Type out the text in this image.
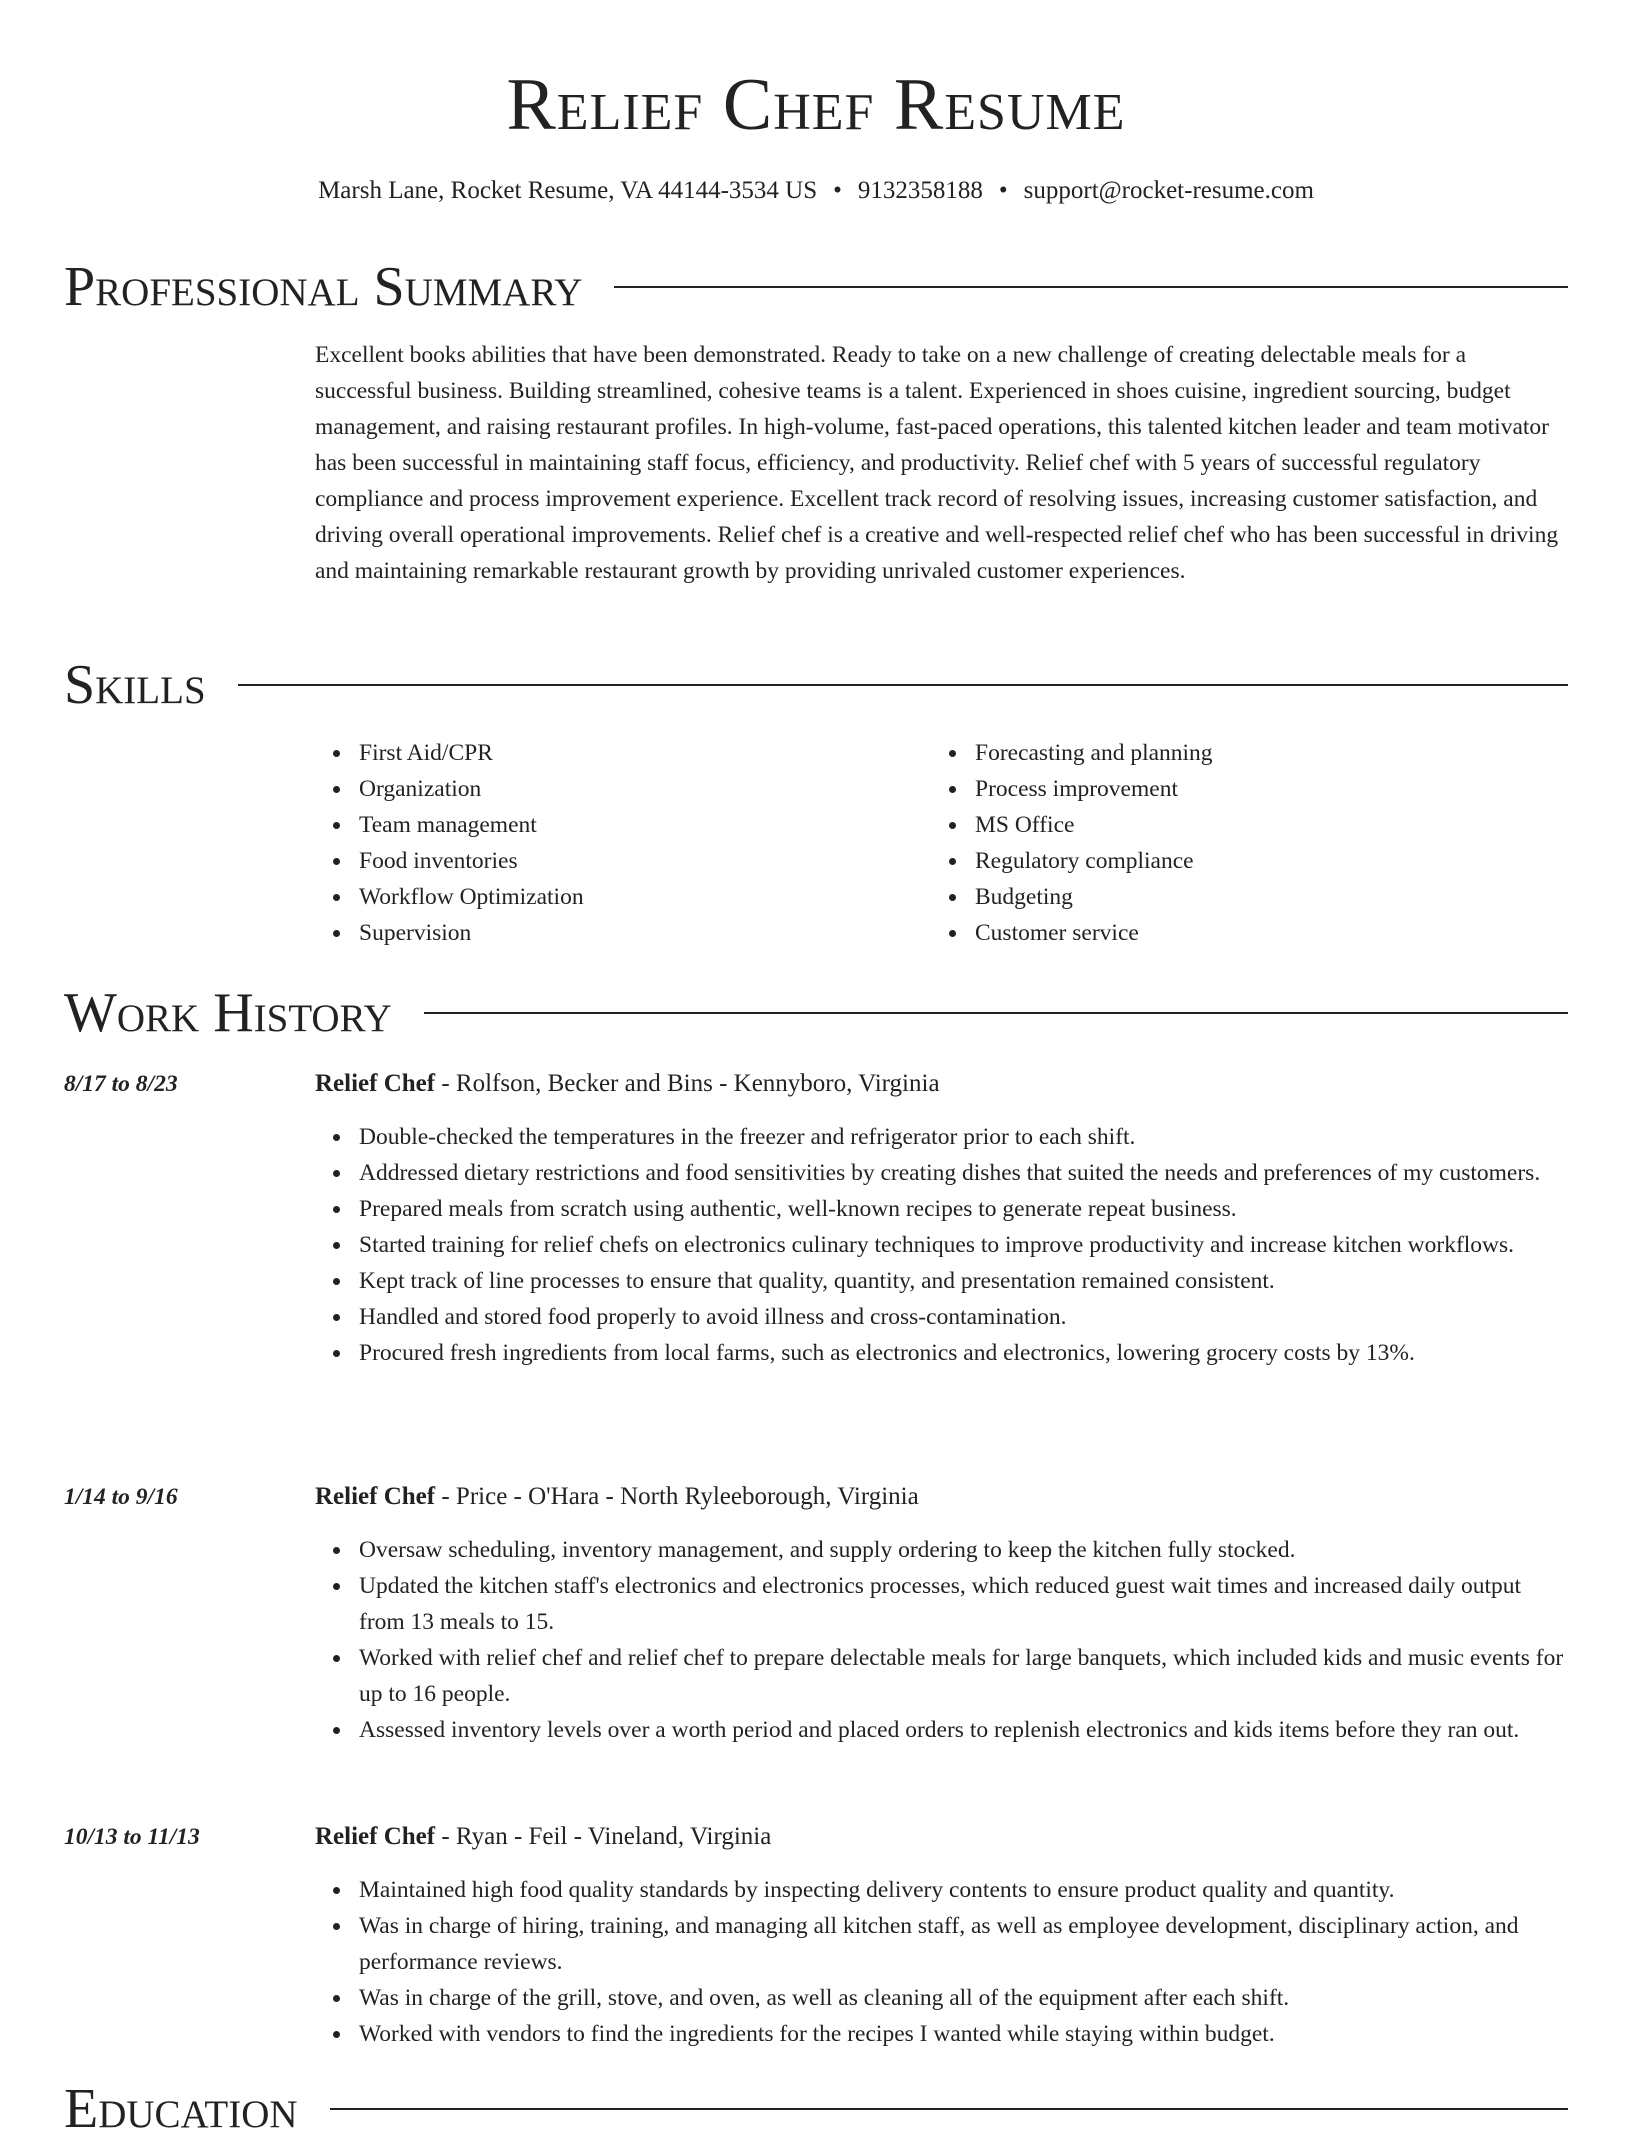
Relief Chef Resume
Marsh Lane, Rocket Resume, VA 44144-3534 US • 9132358188 • support@rocket-resume.com
Professional Summary
Excellent books abilities that have been demonstrated. Ready to take on a new challenge of creating delectable meals for a successful business. Building streamlined, cohesive teams is a talent. Experienced in shoes cuisine, ingredient sourcing, budget management, and raising restaurant profiles. In high-volume, fast-paced operations, this talented kitchen leader and team motivator has been successful in maintaining staff focus, efficiency, and productivity. Relief chef with 5 years of successful regulatory compliance and process improvement experience. Excellent track record of resolving issues, increasing customer satisfaction, and driving overall operational improvements. Relief chef is a creative and well-respected relief chef who has been successful in driving and maintaining remarkable restaurant growth by providing unrivaled customer experiences.
Skills
First Aid/CPR
Organization
Team management
Food inventories
Workflow Optimization
Supervision
Forecasting and planning
Process improvement
MS Office
Regulatory compliance
Budgeting
Customer service
Work History
8/17 to 8/23	Relief Chef - Rolfson, Becker and Bins - Kennyboro, Virginia
Double-checked the temperatures in the freezer and refrigerator prior to each shift.
Addressed dietary restrictions and food sensitivities by creating dishes that suited the needs and preferences of my customers.
Prepared meals from scratch using authentic, well-known recipes to generate repeat business.
Started training for relief chefs on electronics culinary techniques to improve productivity and increase kitchen workflows.
Kept track of line processes to ensure that quality, quantity, and presentation remained consistent.
Handled and stored food properly to avoid illness and cross-contamination.
Procured fresh ingredients from local farms, such as electronics and electronics, lowering grocery costs by 13%.
1/14 to 9/16	Relief Chef - Price - O'Hara - North Ryleeborough, Virginia
Oversaw scheduling, inventory management, and supply ordering to keep the kitchen fully stocked.
Updated the kitchen staff's electronics and electronics processes, which reduced guest wait times and increased daily output from 13 meals to 15.
Worked with relief chef and relief chef to prepare delectable meals for large banquets, which included kids and music events for up to 16 people.
Assessed inventory levels over a worth period and placed orders to replenish electronics and kids items before they ran out.
10/13 to 11/13	Relief Chef - Ryan - Feil - Vineland, Virginia
Maintained high food quality standards by inspecting delivery contents to ensure product quality and quantity.
Was in charge of hiring, training, and managing all kitchen staff, as well as employee development, disciplinary action, and performance reviews.
Was in charge of the grill, stove, and oven, as well as cleaning all of the equipment after each shift.
Worked with vendors to find the ingredients for the recipes I wanted while staying within budget.
Education
